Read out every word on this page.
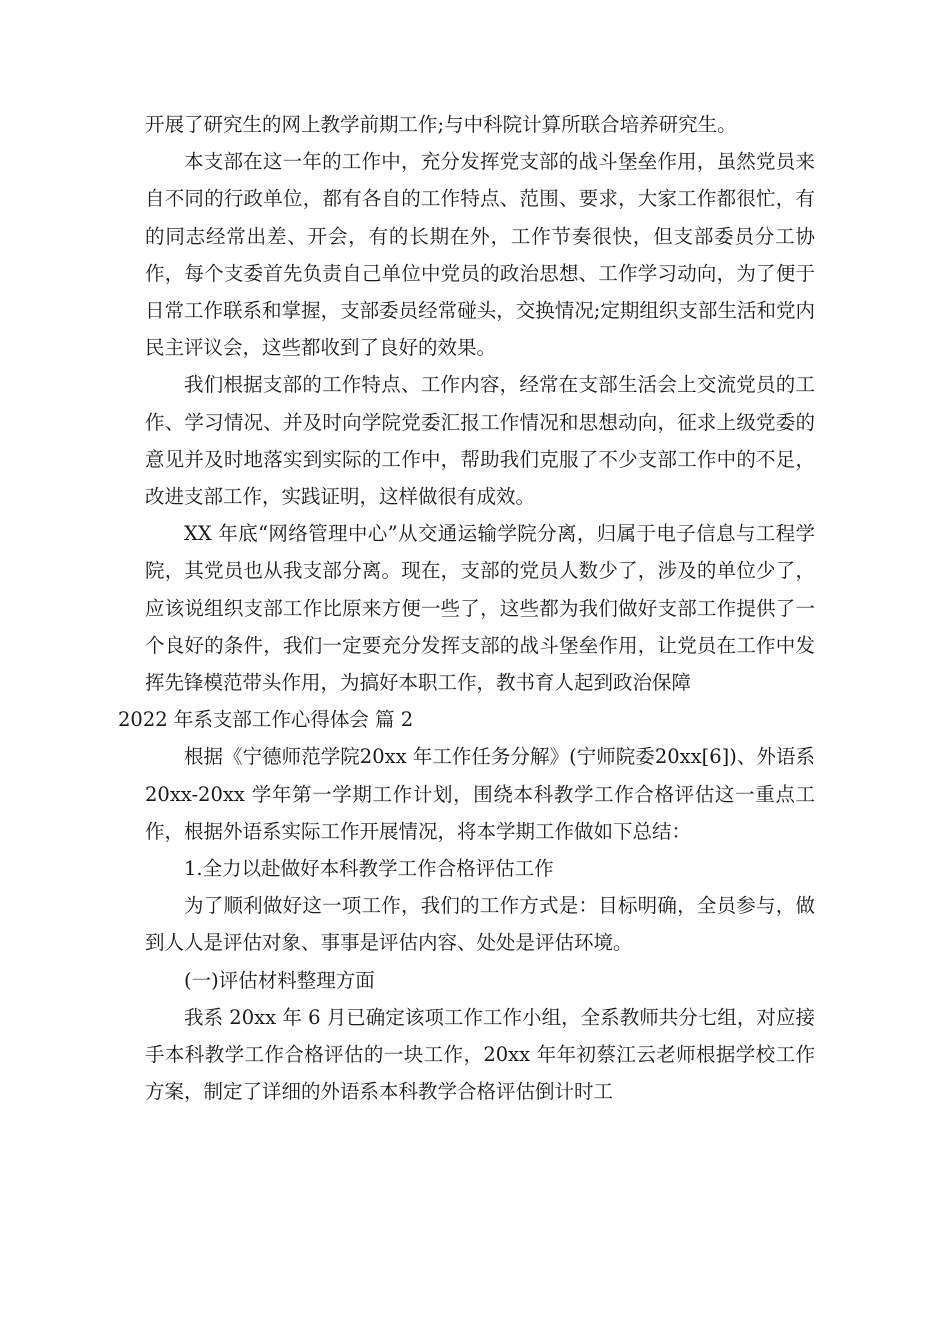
开展了研究生的网上教学前期工作;与中科院计算所联合培养研究生。

本支部在这一年的工作中，充分发挥党支部的战斗堡垒作用，虽然党员来自不同的行政单位，都有各自的工作特点、范围、要求，大家工作都很忙，有的同志经常出差、开会，有的长期在外，工作节奏很快，但支部委员分工协作，每个支委首先负责自己单位中党员的政治思想、工作学习动向，为了便于日常工作联系和掌握，支部委员经常碰头，交换情况;定期组织支部生活和党内民主评议会，这些都收到了良好的效果。

我们根据支部的工作特点、工作内容，经常在支部生活会上交流党员的工作、学习情况、并及时向学院党委汇报工作情况和思想动向，征求上级党委的意见并及时地落实到实际的工作中，帮助我们克服了不少支部工作中的不足，改进支部工作，实践证明，这样做很有成效。

XX 年底“网络管理中心”从交通运输学院分离，归属于电子信息与工程学院，其党员也从我支部分离。现在，支部的党员人数少了，涉及的单位少了，应该说组织支部工作比原来方便一些了，这些都为我们做好支部工作提供了一个良好的条件，我们一定要充分发挥支部的战斗堡垒作用，让党员在工作中发挥先锋模范带头作用，为搞好本职工作，教书育人起到政治保障

2022 年系支部工作心得体会 篇 2

根据《宁德师范学院20xx 年工作任务分解》(宁师院委20xx[6])、外语系 20xx-20xx 学年第一学期工作计划，围绕本科教学工作合格评估这一重点工作，根据外语系实际工作开展情况，将本学期工作做如下总结：

1.全力以赴做好本科教学工作合格评估工作

为了顺利做好这一项工作，我们的工作方式是：目标明确，全员参与，做到人人是评估对象、事事是评估内容、处处是评估环境。

(一)评估材料整理方面

我系 20xx 年 6 月已确定该项工作工作小组，全系教师共分七组，对应接手本科教学工作合格评估的一块工作，20xx 年年初蔡江云老师根据学校工作方案，制定了详细的外语系本科教学合格评估倒计时工
